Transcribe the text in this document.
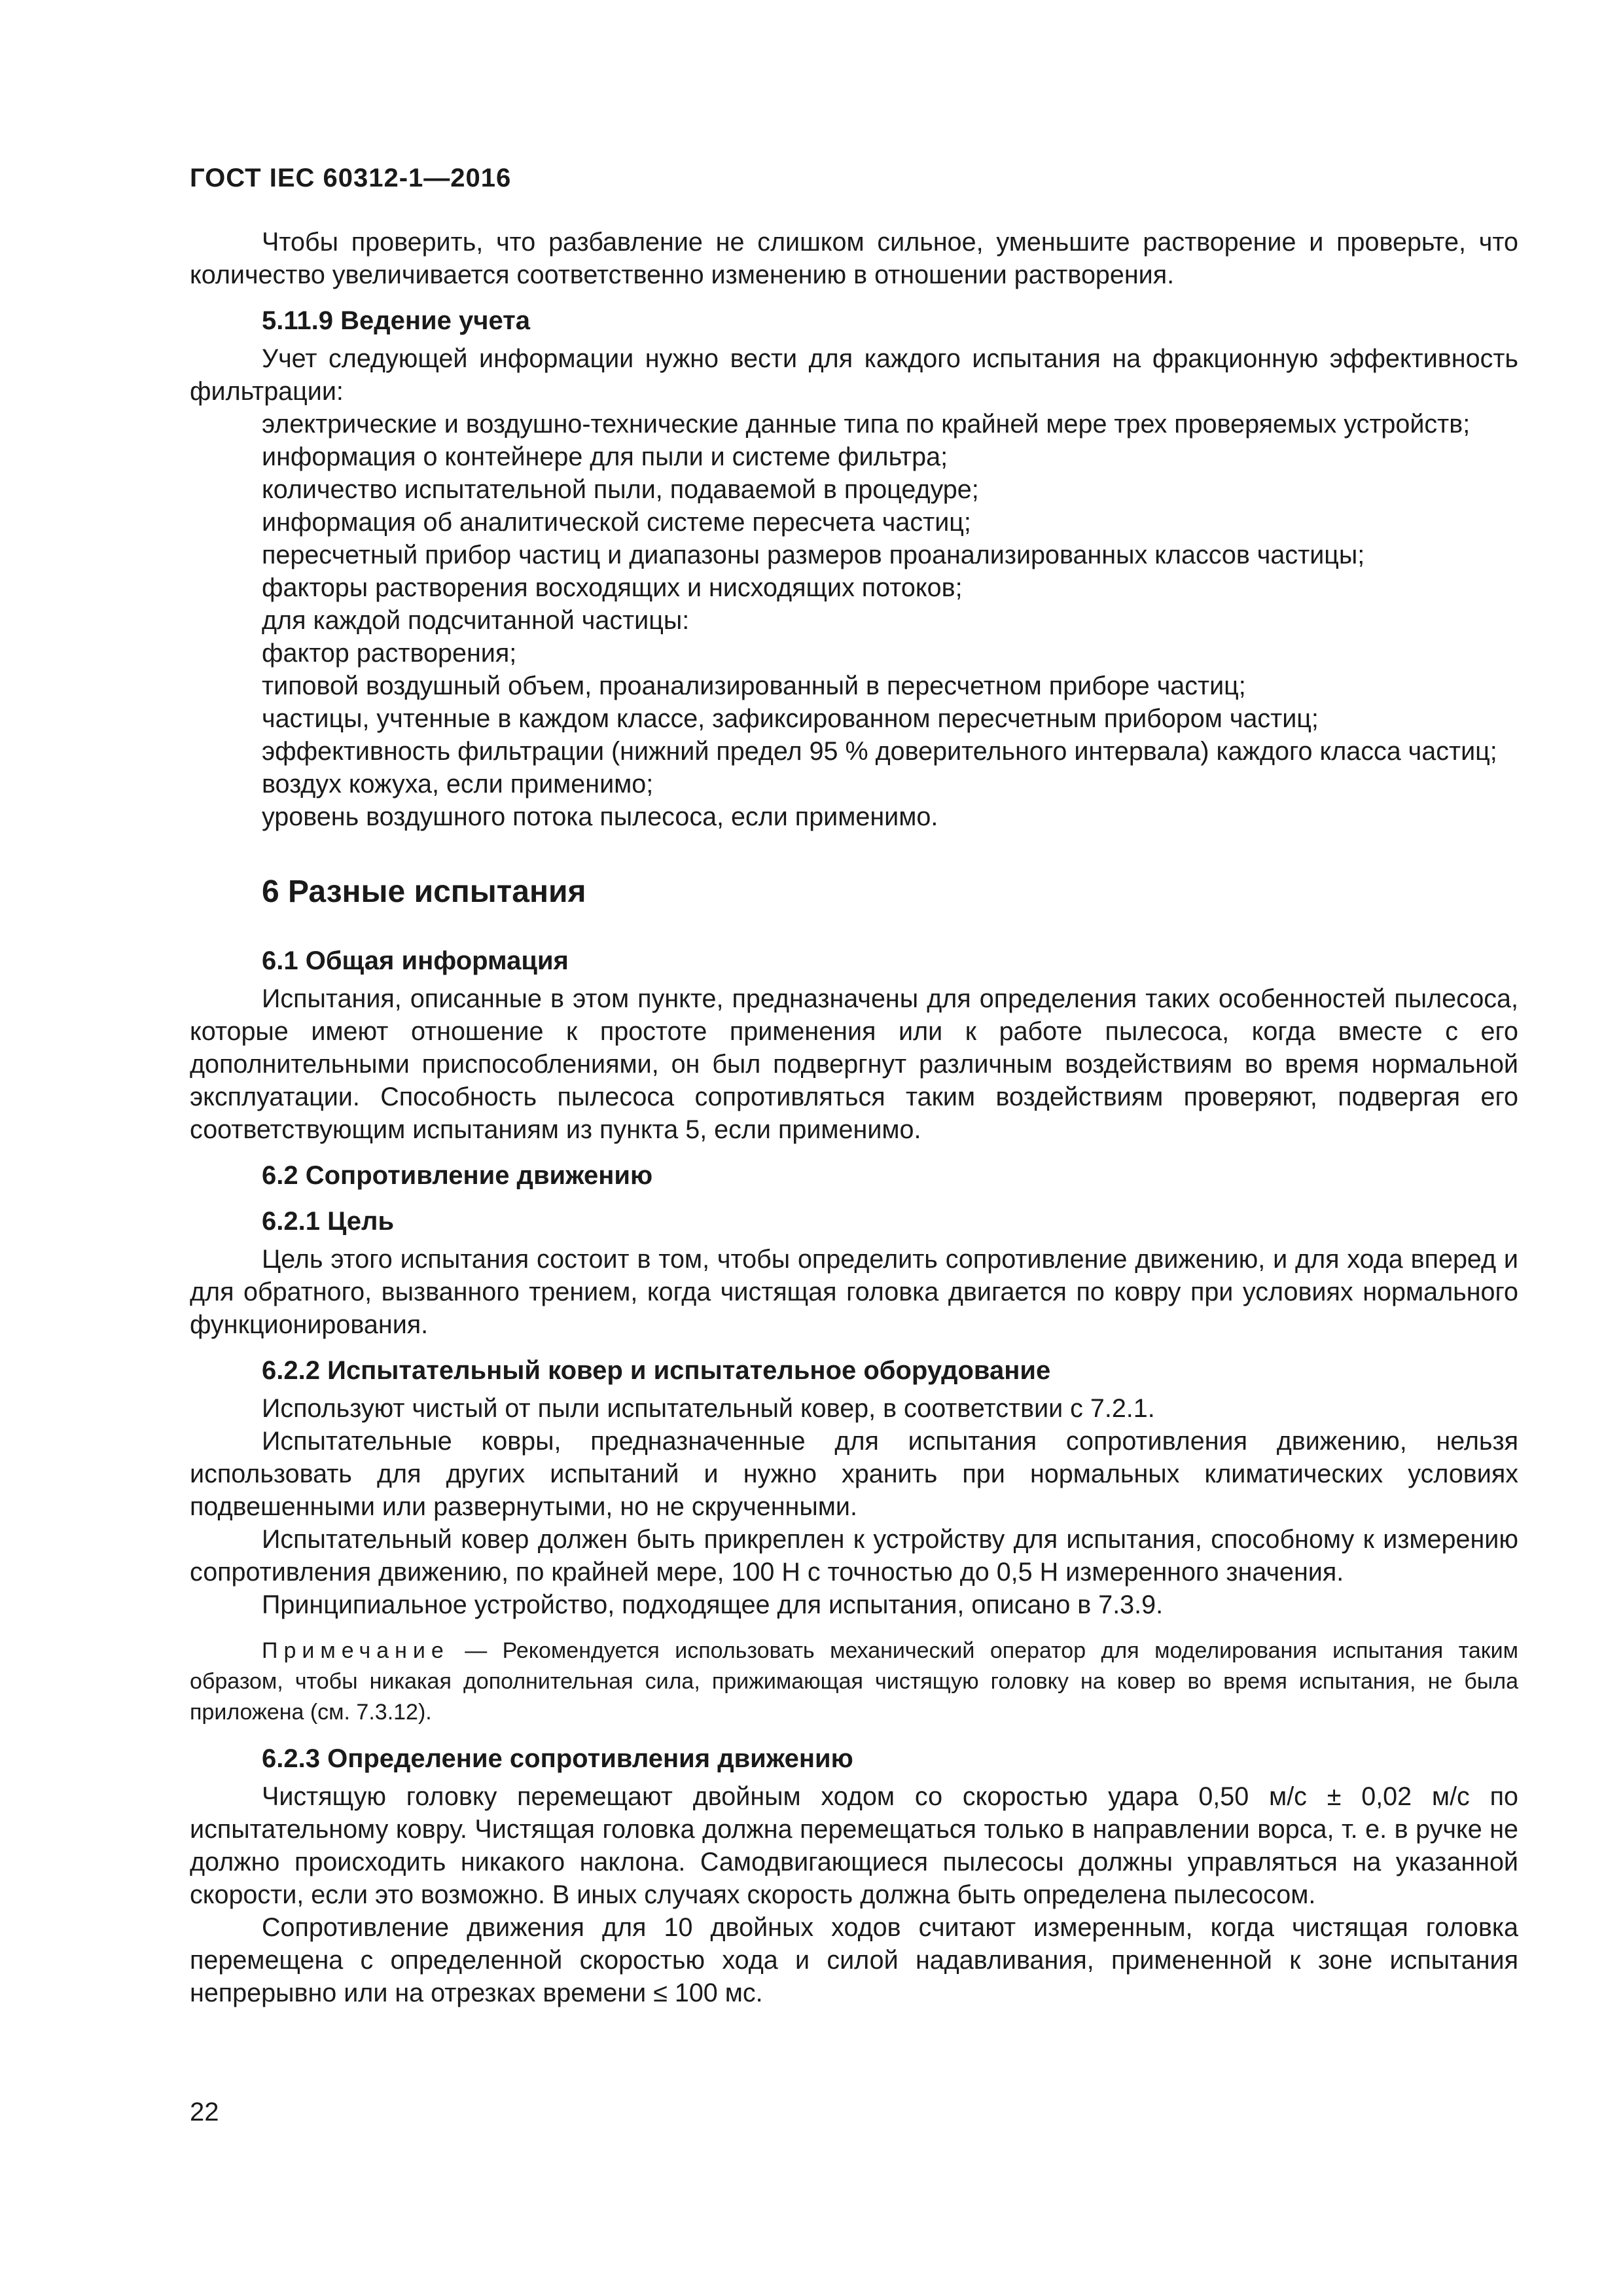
ГОСТ IEC 60312-1—2016

Чтобы проверить, что разбавление не слишком сильное, уменьшите растворение и проверьте, что количество увеличивается соответственно изменению в отношении растворения.

5.11.9 Ведение учета

Учет следующей информации нужно вести для каждого испытания на фракционную эффективность фильтрации:

электрические и воздушно-технические данные типа по крайней мере трех проверяемых устройств;

информация о контейнере для пыли и системе фильтра;

количество испытательной пыли, подаваемой в процедуре;

информация об аналитической системе пересчета частиц;

пересчетный прибор частиц и диапазоны размеров проанализированных классов частицы;

факторы растворения восходящих и нисходящих потоков;

для каждой подсчитанной частицы:

фактор растворения;

типовой воздушный объем, проанализированный в пересчетном приборе частиц;

частицы, учтенные в каждом классе, зафиксированном пересчетным прибором частиц;

эффективность фильтрации (нижний предел 95 % доверительного интервала) каждого класса частиц;

воздух кожуха, если применимо;

уровень воздушного потока пылесоса, если применимо.

6 Разные испытания
6.1 Общая информация

Испытания, описанные в этом пункте, предназначены для определения таких особенностей пылесоса, которые имеют отношение к простоте применения или к работе пылесоса, когда вместе с его дополнительными приспособлениями, он был подвергнут различным воздействиям во время нормальной эксплуатации. Способность пылесоса сопротивляться таким воздействиям проверяют, подвергая его соответствующим испытаниям из пункта 5, если применимо.

6.2 Сопротивление движению
6.2.1 Цель

Цель этого испытания состоит в том, чтобы определить сопротивление движению, и для хода вперед и для обратного, вызванного трением, когда чистящая головка двигается по ковру при условиях нормального функционирования.

6.2.2 Испытательный ковер и испытательное оборудование

Используют чистый от пыли испытательный ковер, в соответствии с 7.2.1.

Испытательные ковры, предназначенные для испытания сопротивления движению, нельзя использовать для других испытаний и нужно хранить при нормальных климатических условиях подвешенными или развернутыми, но не скрученными.

Испытательный ковер должен быть прикреплен к устройству для испытания, способному к измерению сопротивления движению, по крайней мере, 100 Н с точностью до 0,5 Н измеренного значения.

Принципиальное устройство, подходящее для испытания, описано в 7.3.9.

Примечание — Рекомендуется использовать механический оператор для моделирования испытания таким образом, чтобы никакая дополнительная сила, прижимающая чистящую головку на ковер во время испытания, не была приложена (см. 7.3.12).

6.2.3 Определение сопротивления движению

Чистящую головку перемещают двойным ходом со скоростью удара 0,50 м/с ± 0,02 м/с по испытательному ковру. Чистящая головка должна перемещаться только в направлении ворса, т. е. в ручке не должно происходить никакого наклона. Самодвигающиеся пылесосы должны управляться на указанной скорости, если это возможно. В иных случаях скорость должна быть определена пылесосом.

Сопротивление движения для 10 двойных ходов считают измеренным, когда чистящая головка перемещена с определенной скоростью хода и силой надавливания, примененной к зоне испытания непрерывно или на отрезках времени ≤ 100 мс.

22
